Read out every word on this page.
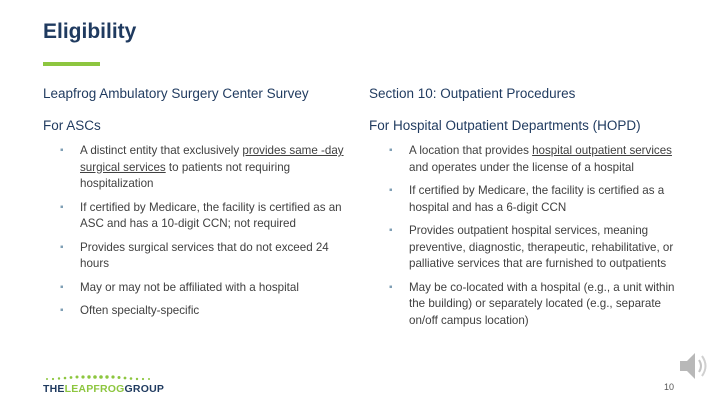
Eligibility
Leapfrog Ambulatory Surgery Center Survey
For ASCs
▪ A distinct entity that exclusively provides same -day surgical services to patients not requiring hospitalization
▪ If certified by Medicare, the facility is certified as an ASC and has a 10-digit CCN; not required
▪ Provides surgical services that do not exceed 24 hours
▪ May or may not be affiliated with a hospital
▪ Often specialty-specific
Section 10: Outpatient Procedures
For Hospital Outpatient Departments (HOPD)
▪ A location that provides hospital outpatient services and operates under the license of a hospital
▪ If certified by Medicare, the facility is certified as a hospital and has a 6-digit CCN
▪ Provides outpatient hospital services, meaning preventive, diagnostic, therapeutic, rehabilitative, or palliative services that are furnished to outpatients
▪ May be co-located with a hospital (e.g., a unit within the building) or separately located (e.g., separate on/off campus location)
THELEAPFROGGROUP	10
